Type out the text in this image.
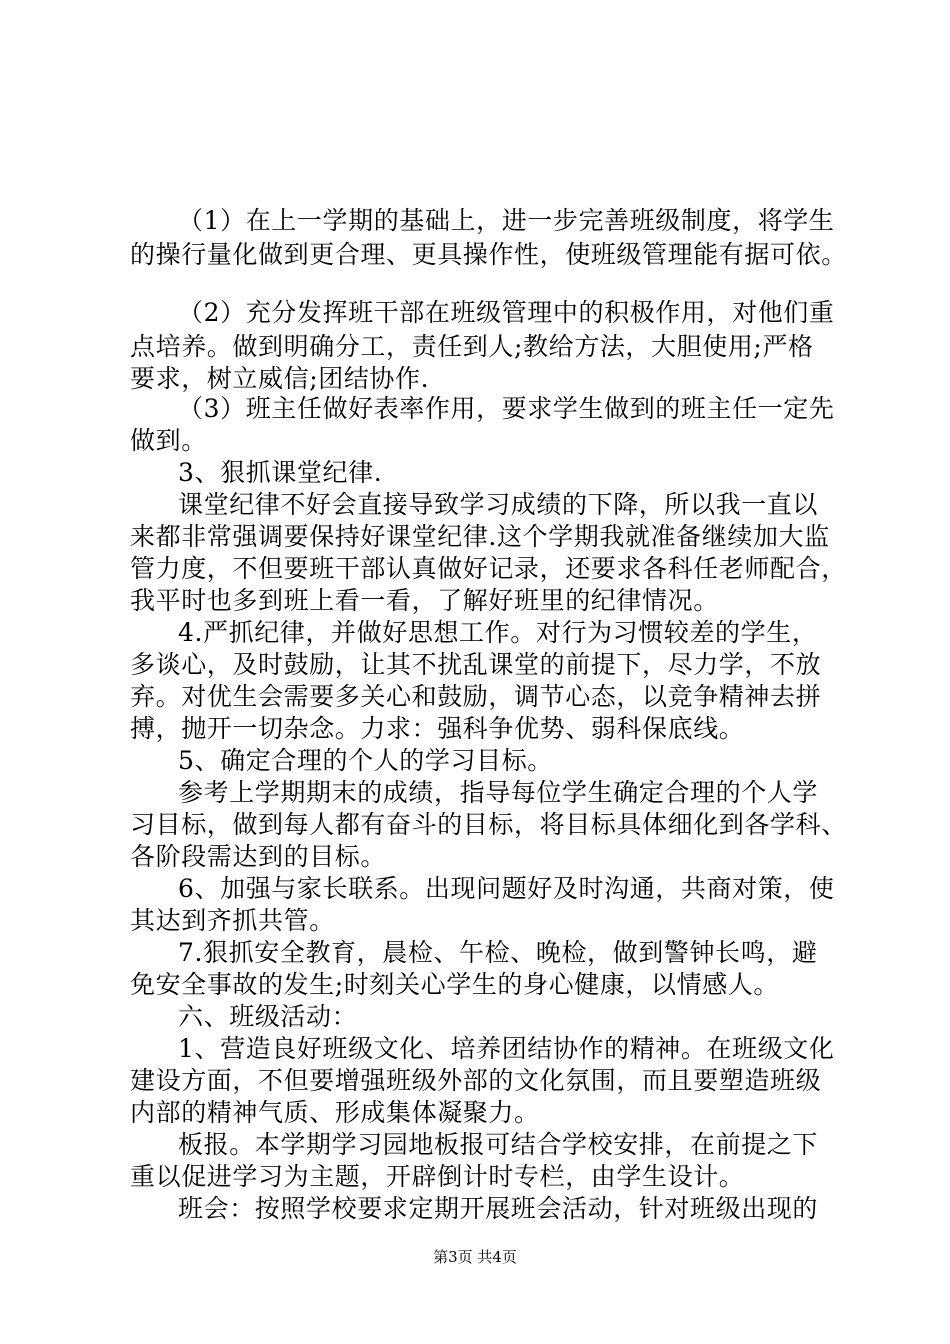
（1）在上一学期的基础上，进一步完善班级制度，将学生
的操行量化做到更合理、更具操作性，使班级管理能有据可依。
（2）充分发挥班干部在班级管理中的积极作用，对他们重
点培养。做到明确分工，责任到人;教给方法，大胆使用;严格
要求，树立威信;团结协作.
（3）班主任做好表率作用，要求学生做到的班主任一定先
做到。
3、狠抓课堂纪律.
课堂纪律不好会直接导致学习成绩的下降，所以我一直以
来都非常强调要保持好课堂纪律.这个学期我就准备继续加大监
管力度，不但要班干部认真做好记录，还要求各科任老师配合，
我平时也多到班上看一看，了解好班里的纪律情况。
4.严抓纪律，并做好思想工作。对行为习惯较差的学生，
多谈心，及时鼓励，让其不扰乱课堂的前提下，尽力学，不放
弃。对优生会需要多关心和鼓励，调节心态，以竞争精神去拼
搏，抛开一切杂念。力求：强科争优势、弱科保底线。
5、确定合理的个人的学习目标。
参考上学期期末的成绩，指导每位学生确定合理的个人学
习目标，做到每人都有奋斗的目标，将目标具体细化到各学科、
各阶段需达到的目标。
6、加强与家长联系。出现问题好及时沟通，共商对策，使
其达到齐抓共管。
7.狠抓安全教育，晨检、午检、晚检，做到警钟长鸣，避
免安全事故的发生;时刻关心学生的身心健康，以情感人。
六、班级活动：
1、营造良好班级文化、培养团结协作的精神。在班级文化
建设方面，不但要增强班级外部的文化氛围，而且要塑造班级
内部的精神气质、形成集体凝聚力。
板报。本学期学习园地板报可结合学校安排，在前提之下
重以促进学习为主题，开辟倒计时专栏，由学生设计。
班会：按照学校要求定期开展班会活动，针对班级出现的
第3页 共4页
